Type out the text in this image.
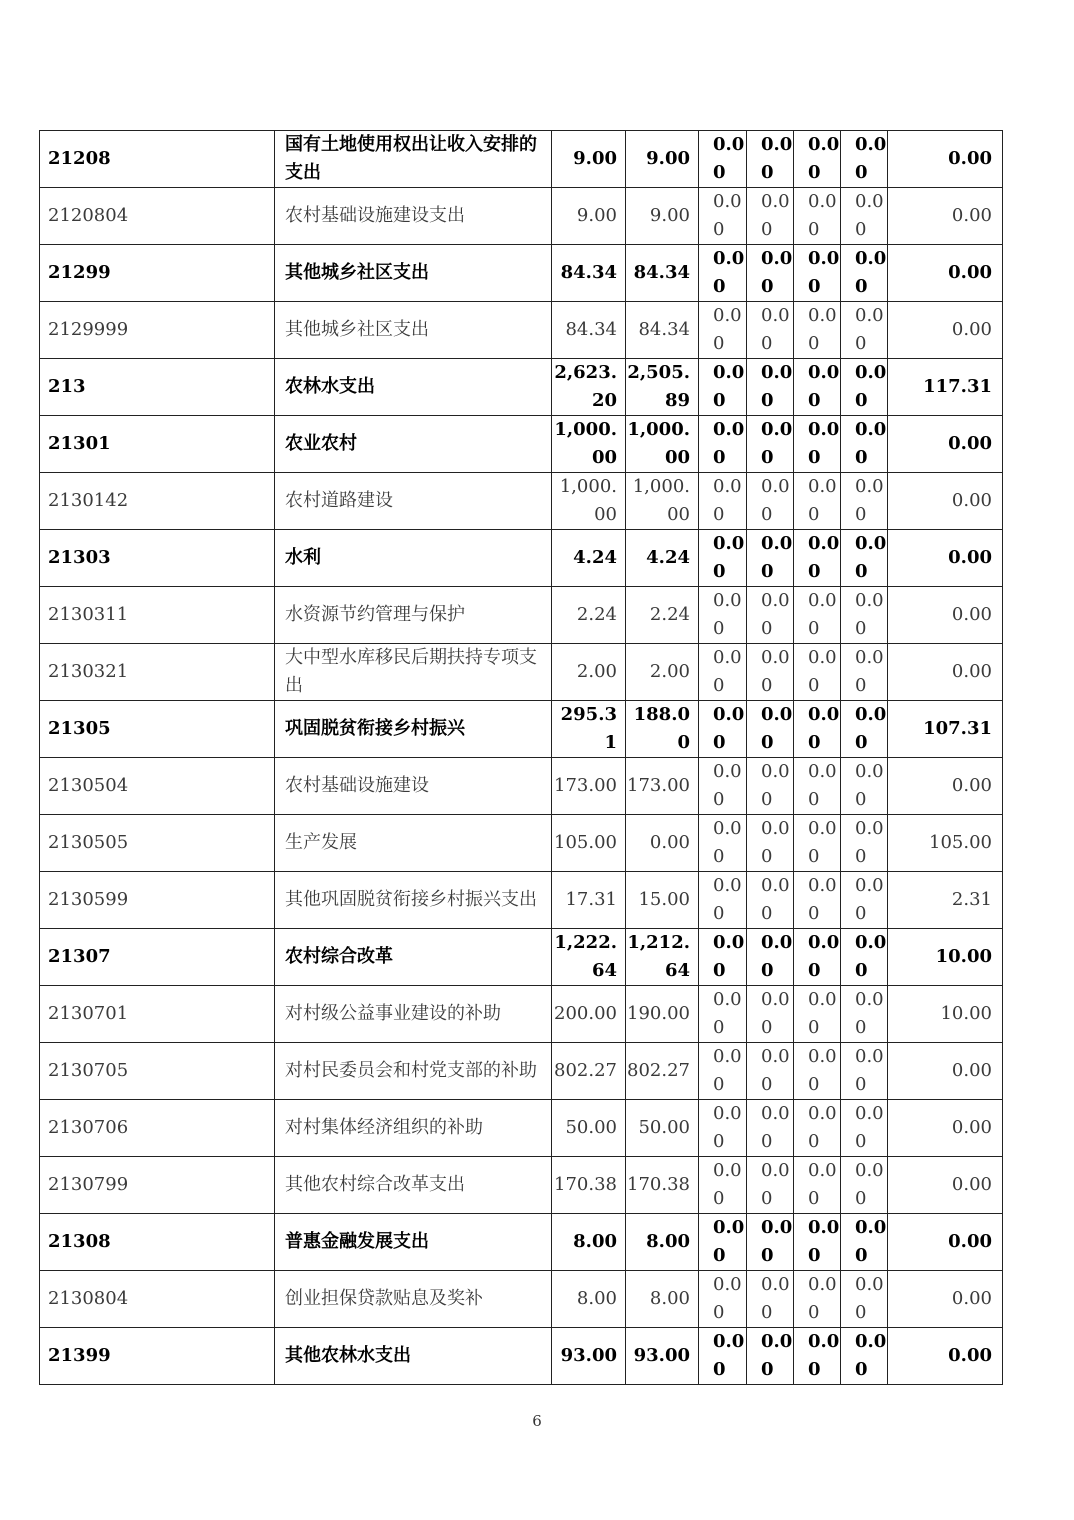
21208	国有土地使用权出让收入安排的支出	9.00	9.00	0.00	0.00	0.00	0.00	0.00
2120804	农村基础设施建设支出	9.00	9.00	0.00	0.00	0.00	0.00	0.00
21299	其他城乡社区支出	84.34	84.34	0.00	0.00	0.00	0.00	0.00
2129999	其他城乡社区支出	84.34	84.34	0.00	0.00	0.00	0.00	0.00
213	农林水支出	2,623.20	2,505.89	0.00	0.00	0.00	0.00	117.31
21301	农业农村	1,000.00	1,000.00	0.00	0.00	0.00	0.00	0.00
2130142	农村道路建设	1,000.00	1,000.00	0.00	0.00	0.00	0.00	0.00
21303	水利	4.24	4.24	0.00	0.00	0.00	0.00	0.00
2130311	水资源节约管理与保护	2.24	2.24	0.00	0.00	0.00	0.00	0.00
2130321	大中型水库移民后期扶持专项支出	2.00	2.00	0.00	0.00	0.00	0.00	0.00
21305	巩固脱贫衔接乡村振兴	295.31	188.00	0.00	0.00	0.00	0.00	107.31
2130504	农村基础设施建设	173.00	173.00	0.00	0.00	0.00	0.00	0.00
2130505	生产发展	105.00	0.00	0.00	0.00	0.00	0.00	105.00
2130599	其他巩固脱贫衔接乡村振兴支出	17.31	15.00	0.00	0.00	0.00	0.00	2.31
21307	农村综合改革	1,222.64	1,212.64	0.00	0.00	0.00	0.00	10.00
2130701	对村级公益事业建设的补助	200.00	190.00	0.00	0.00	0.00	0.00	10.00
2130705	对村民委员会和村党支部的补助	802.27	802.27	0.00	0.00	0.00	0.00	0.00
2130706	对村集体经济组织的补助	50.00	50.00	0.00	0.00	0.00	0.00	0.00
2130799	其他农村综合改革支出	170.38	170.38	0.00	0.00	0.00	0.00	0.00
21308	普惠金融发展支出	8.00	8.00	0.00	0.00	0.00	0.00	0.00
2130804	创业担保贷款贴息及奖补	8.00	8.00	0.00	0.00	0.00	0.00	0.00
21399	其他农林水支出	93.00	93.00	0.00	0.00	0.00	0.00	0.00
6
